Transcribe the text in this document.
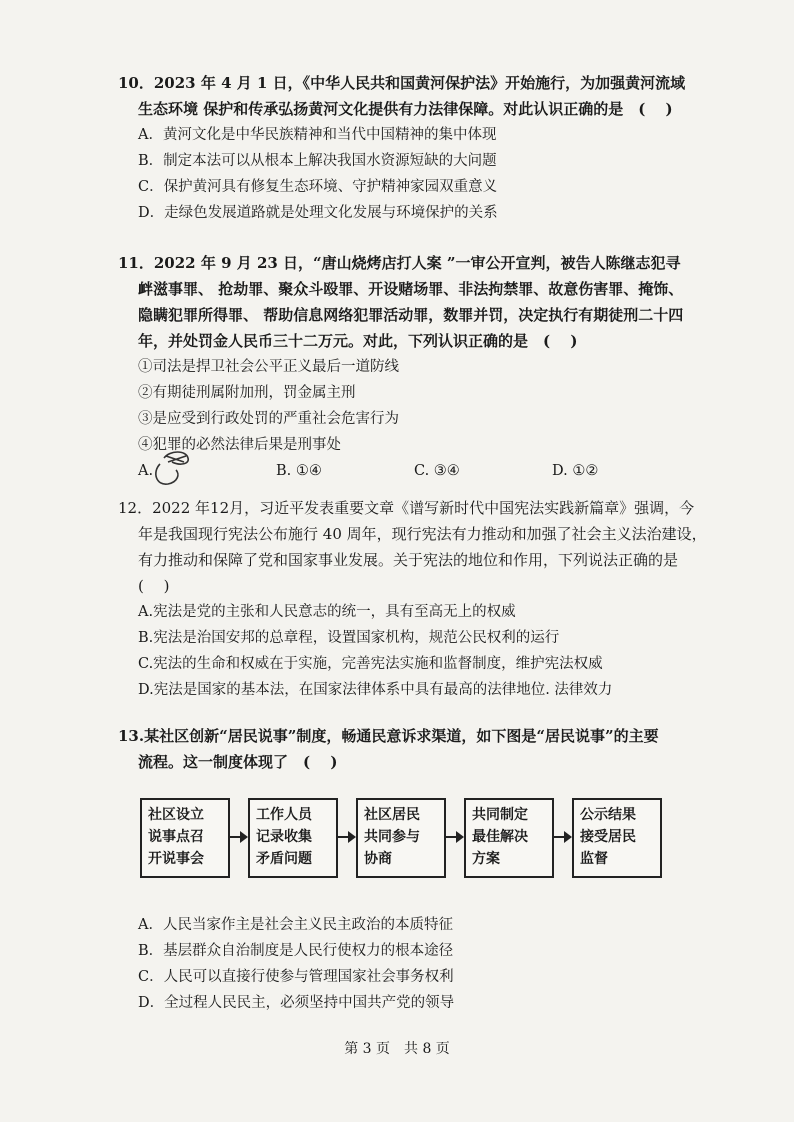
10．2023 年 4 月 1 日，《中华人民共和国黄河保护法》开始施行，为加强黄河流域
生态环境 保护和传承弘扬黄河文化提供有力法律保障。对此认识正确的是　(　 )
A．黄河文化是中华民族精神和当代中国精神的集中体现
B．制定本法可以从根本上解决我国水资源短缺的大问题
C．保护黄河具有修复生态环境、守护精神家园双重意义
D．走绿色发展道路就是处理文化发展与环境保护的关系
11．2022 年 9 月 23 日，“唐山烧烤店打人案 ”一审公开宣判，被告人陈继志犯寻
衅滋事罪、 抢劫罪、聚众斗殴罪、开设赌场罪、非法拘禁罪、故意伤害罪、掩饰、
隐瞒犯罪所得罪、 帮助信息网络犯罪活动罪，数罪并罚，决定执行有期徒刑二十四
年，并处罚金人民币三十二万元。对此，下列认识正确的是　(　 )
①司法是捍卫社会公平正义最后一道防线
②有期徒刑属附加刑，罚金属主刑
③是应受到行政处罚的严重社会危害行为
④犯罪的必然法律后果是刑事处
A.	B. ①④	C. ③④	D. ①②
12．2022 年12月，习近平发表重要文章《谱写新时代中国宪法实践新篇章》强调，今
年是我国现行宪法公布施行 40 周年，现行宪法有力推动和加强了社会主义法治建设，
有力推动和保障了党和国家事业发展。关于宪法的地位和作用，下列说法正确的是
(　 )
A.宪法是党的主张和人民意志的统一，具有至高无上的权威
B.宪法是治国安邦的总章程，设置国家机构，规范公民权利的运行
C.宪法的生命和权威在于实施，完善宪法实施和监督制度，维护宪法权威
D.宪法是国家的基本法，在国家法律体系中具有最高的法律地位. 法律效力
13.某社区创新“居民说事”制度，畅通民意诉求渠道，如下图是“居民说事”的主要
流程。这一制度体现了　(　 )
社区设立
说事点召
开说事会
工作人员
记录收集
矛盾问题
社区居民
共同参与
协商
共同制定
最佳解决
方案
公示结果
接受居民
监督
A．人民当家作主是社会主义民主政治的本质特征
B．基层群众自治制度是人民行使权力的根本途径
C．人民可以直接行使参与管理国家社会事务权利
D．全过程人民民主，必须坚持中国共产党的领导
第 3 页　共 8 页
